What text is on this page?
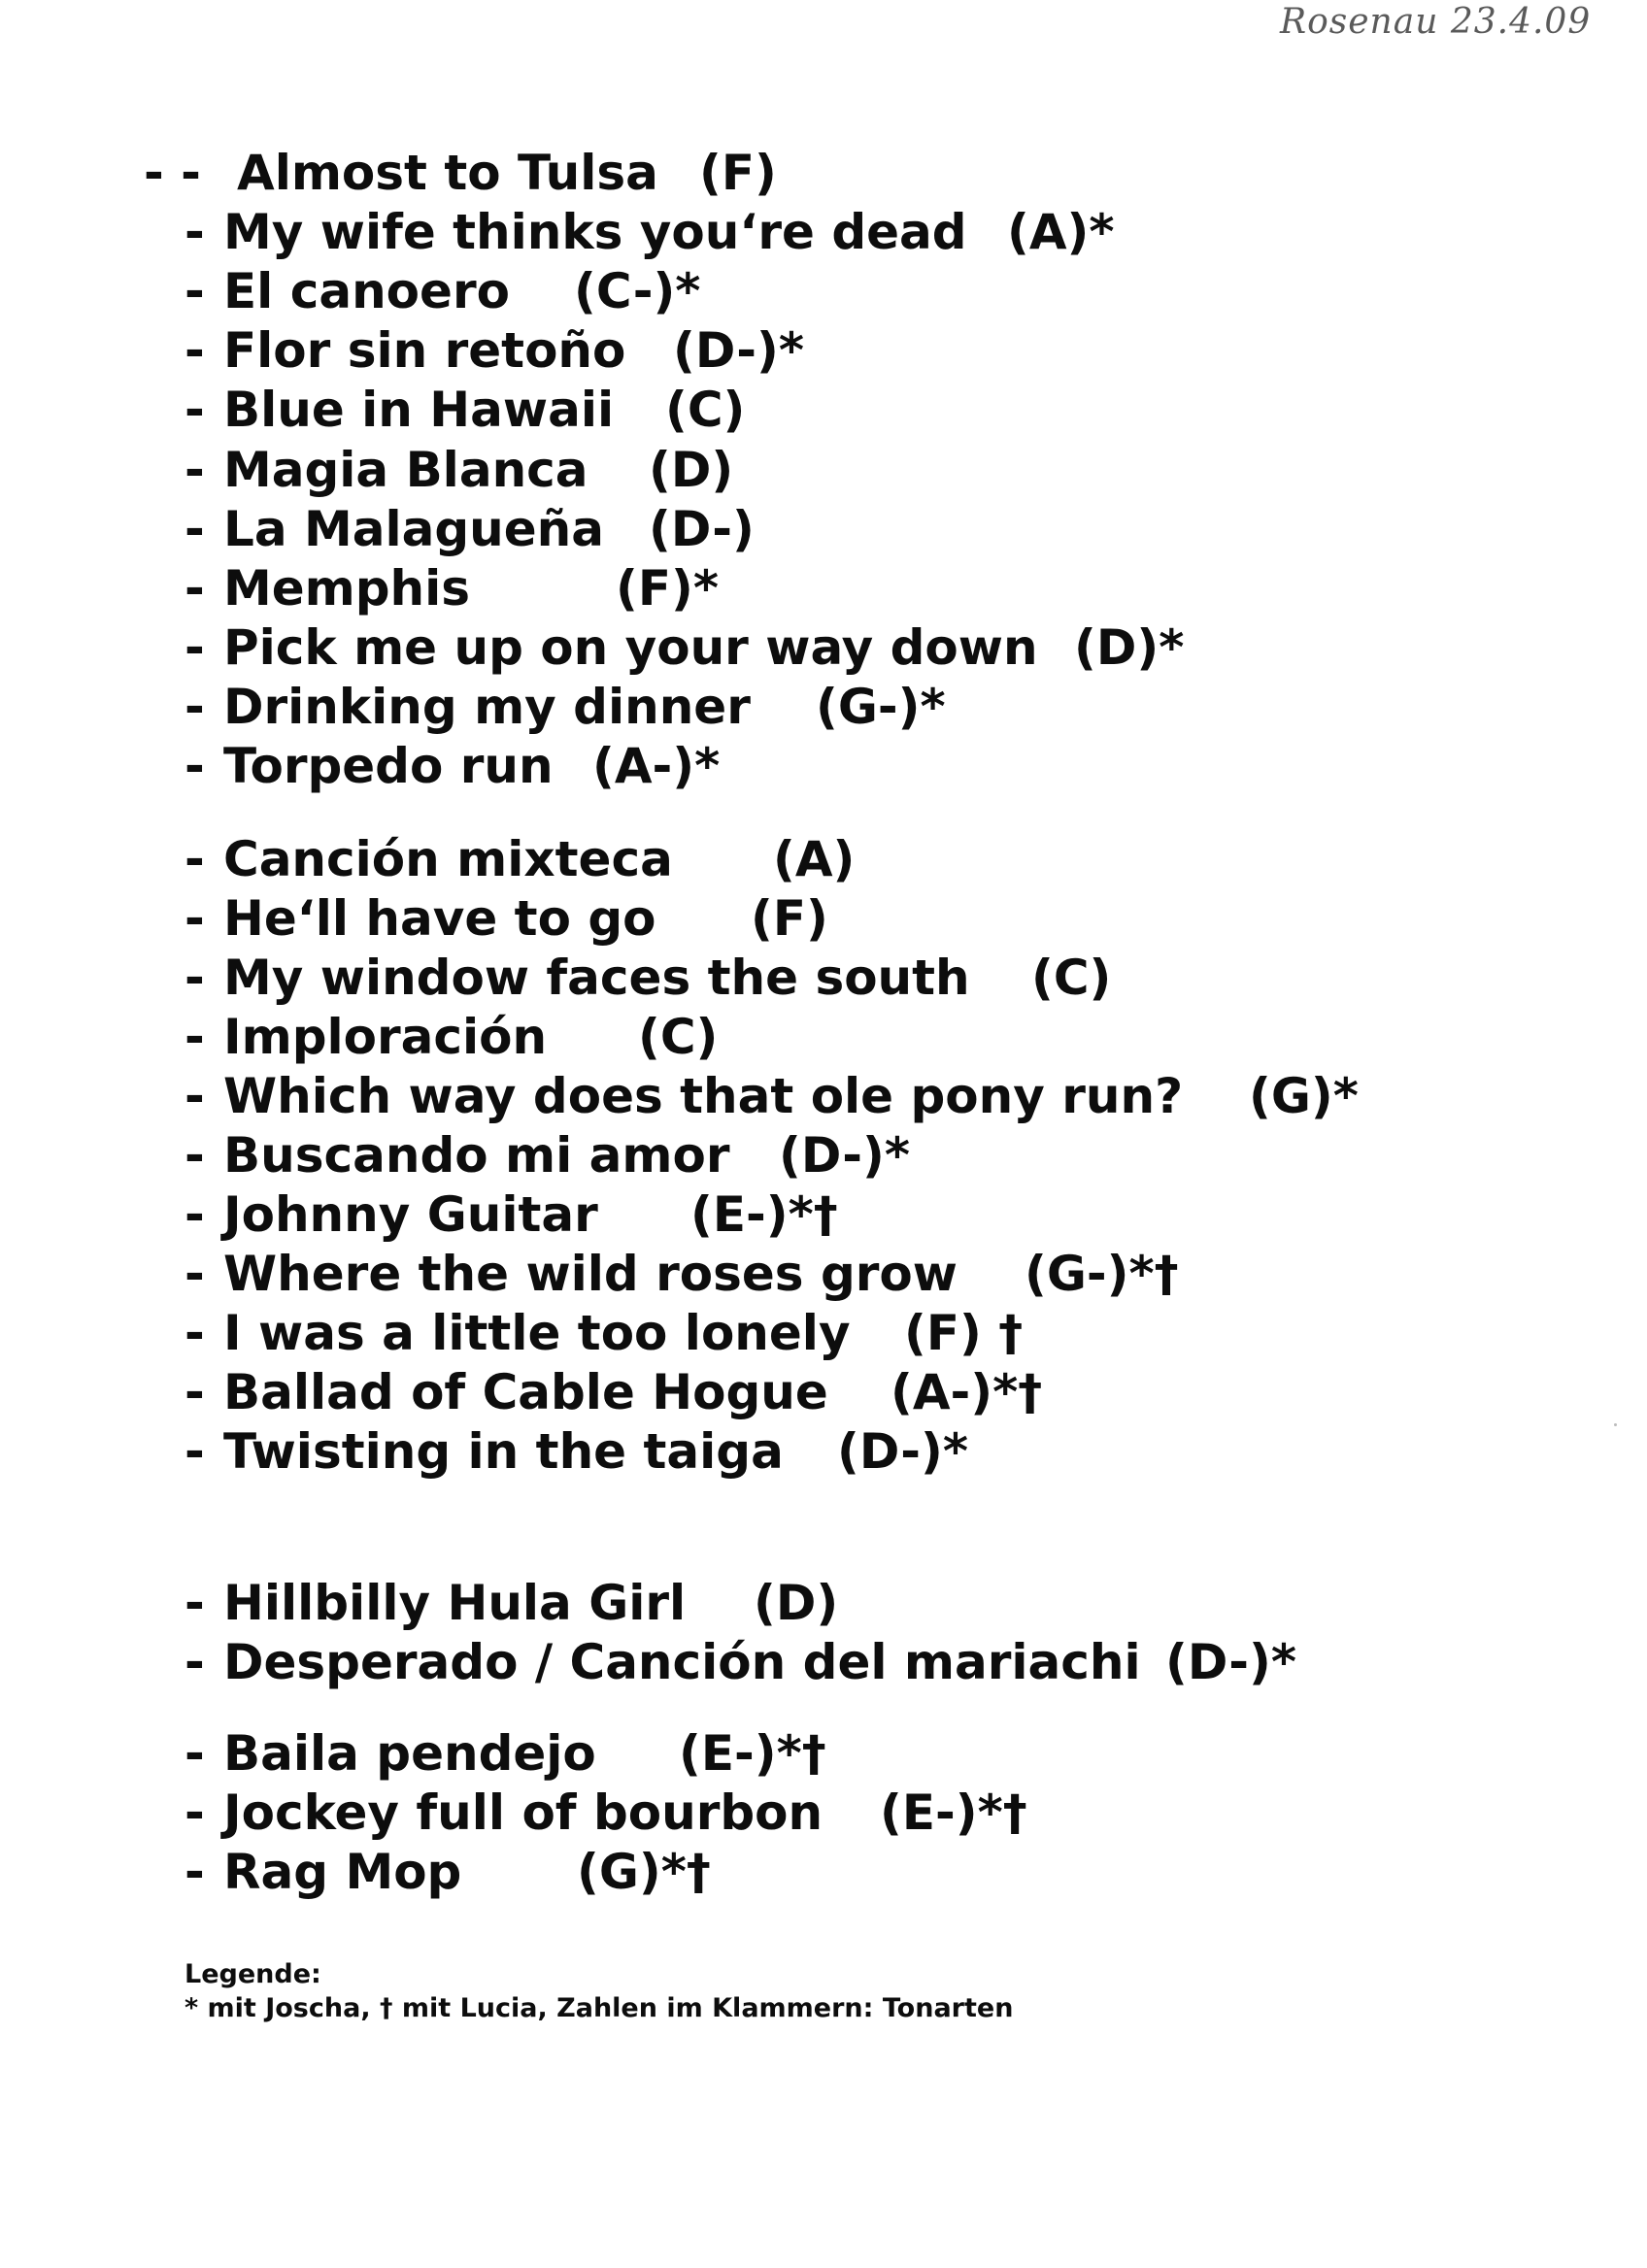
Rosenau 23.4.09
- - Almost to Tulsa (F)
- My wife thinks you‘re dead (A)*
- El canoero (C-)*
- Flor sin retoño (D-)*
- Blue in Hawaii (C)
- Magia Blanca (D)
- La Malagueña (D-)
- Memphis	(F)*
- Pick me up on your way down (D)*
- Drinking my dinner (G-)*
- Torpedo run (A-)*
- Canción mixteca (A)
- He‘ll have to go (F)
- My window faces the south (C)
- Imploración (C)
- Which way does that ole pony run? (G)*
- Buscando mi amor (D-)*
- Johnny Guitar (E-)*†
- Where the wild roses grow (G-)*†
- I was a little too lonely (F) †
- Ballad of Cable Hogue (A-)*†
- Twisting in the taiga (D-)*
- Hillbilly Hula Girl (D)
- Desperado / Canción del mariachi (D-)*
- Baila pendejo (E-)*†
- Jockey full of bourbon (E-)*†
- Rag Mop (G)*†
Legende:
* mit Joscha, † mit Lucia, Zahlen im Klammern: Tonarten
